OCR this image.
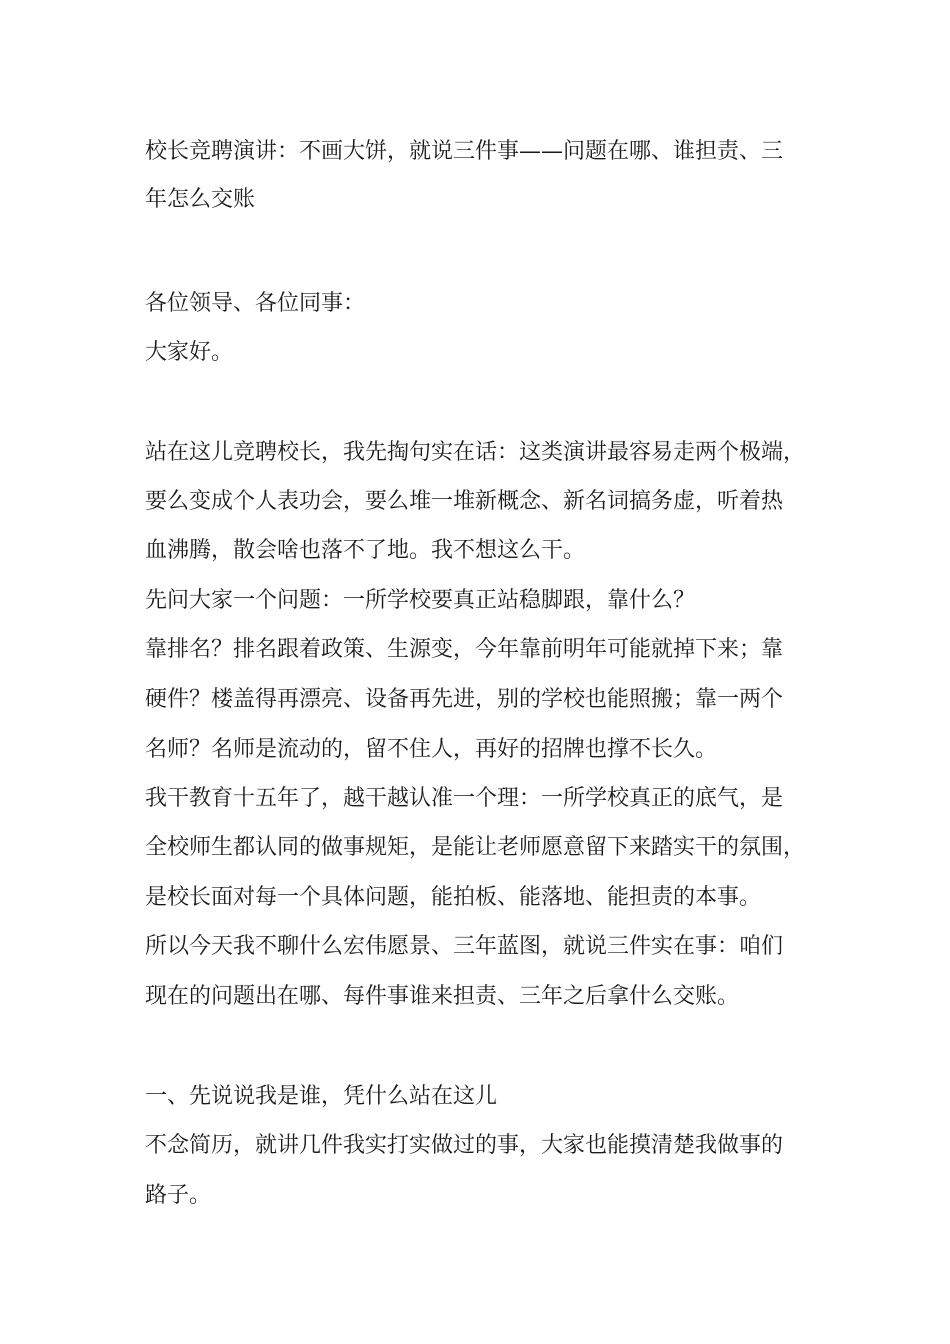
校长竞聘演讲：不画大饼，就说三件事——问题在哪、谁担责、三
年怎么交账
各位领导、各位同事：
大家好。
站在这儿竞聘校长，我先掏句实在话：这类演讲最容易走两个极端，
要么变成个人表功会，要么堆一堆新概念、新名词搞务虚，听着热
血沸腾，散会啥也落不了地。我不想这么干。
先问大家一个问题：一所学校要真正站稳脚跟，靠什么？
靠排名？排名跟着政策、生源变，今年靠前明年可能就掉下来；靠
硬件？楼盖得再漂亮、设备再先进，别的学校也能照搬；靠一两个
名师？名师是流动的，留不住人，再好的招牌也撑不长久。
我干教育十五年了，越干越认准一个理：一所学校真正的底气，是
全校师生都认同的做事规矩，是能让老师愿意留下来踏实干的氛围，
是校长面对每一个具体问题，能拍板、能落地、能担责的本事。
所以今天我不聊什么宏伟愿景、三年蓝图，就说三件实在事：咱们
现在的问题出在哪、每件事谁来担责、三年之后拿什么交账。
一、先说说我是谁，凭什么站在这儿
不念简历，就讲几件我实打实做过的事，大家也能摸清楚我做事的
路子。
